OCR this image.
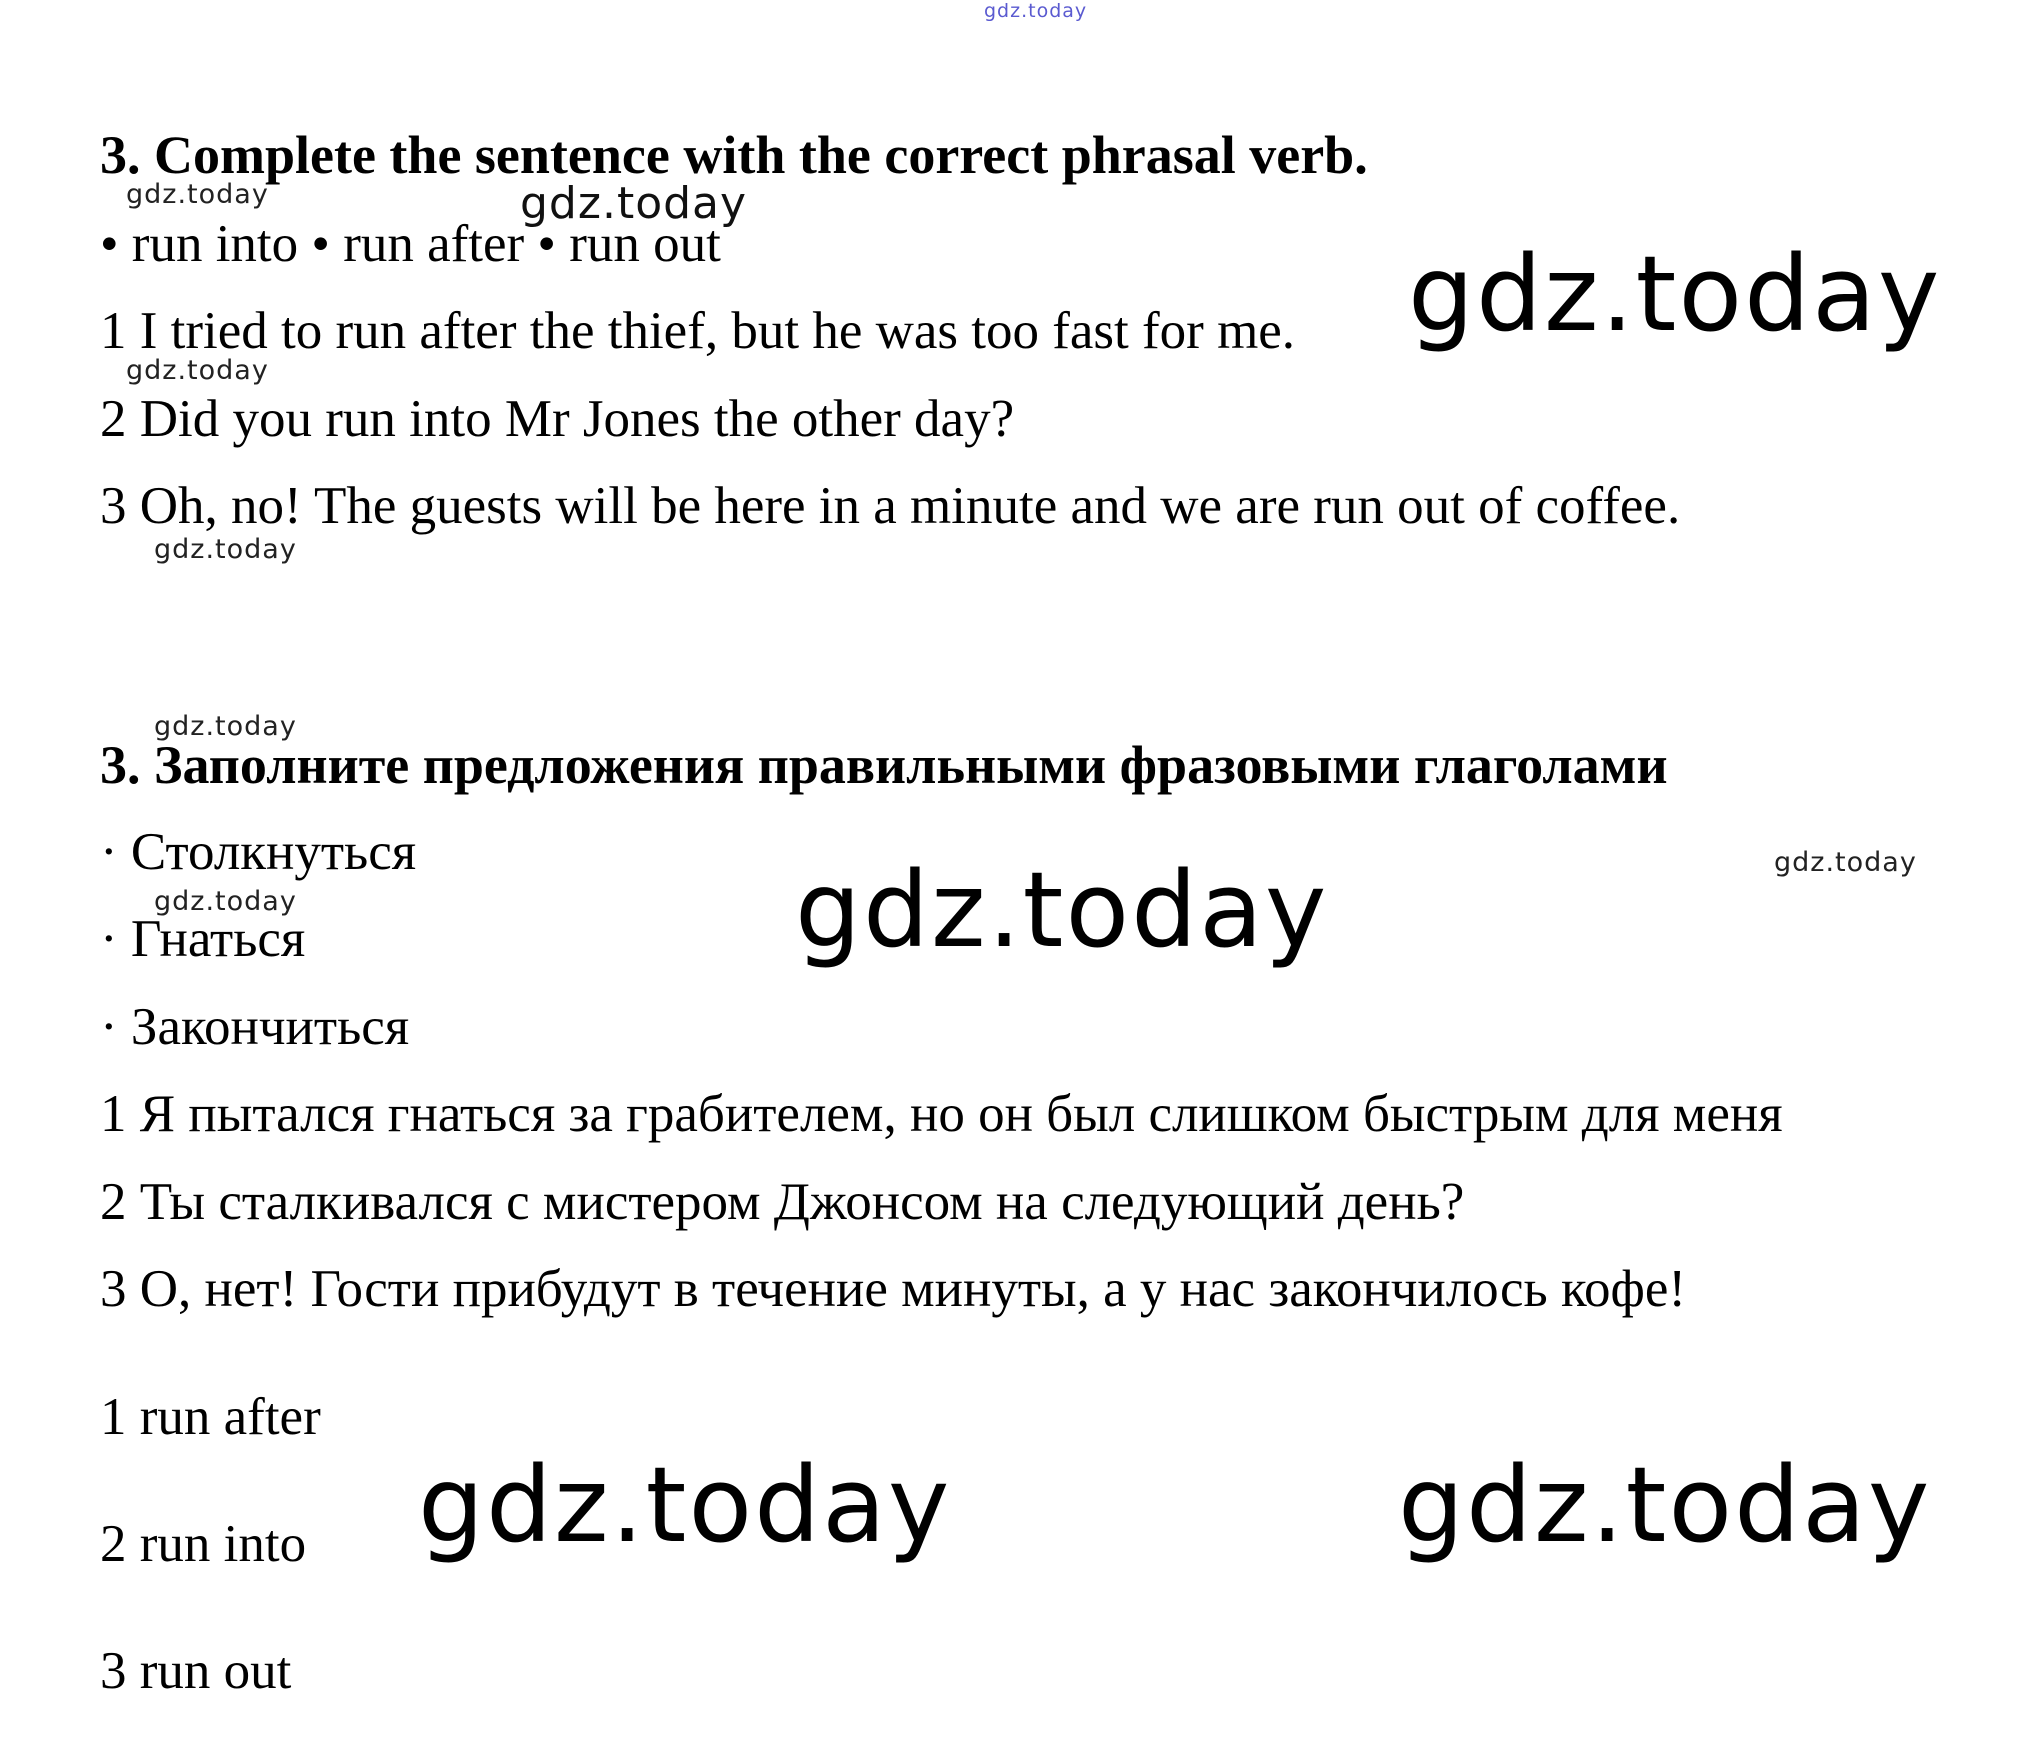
gdz.today
gdz.today	gdz.today
gdz.today
gdz.today
gdz.today
gdz.today
gdz.today
gdz.today
gdz.today
gdz.today	gdz.today
3. Complete the sentence with the correct phrasal verb.
• run into • run after • run out
1 I tried to run after the thief, but he was too fast for me.
2 Did you run into Mr Jones the other day?
3 Oh, no! The guests will be here in a minute and we are run out of coffee.
3. Заполните предложения правильными фразовыми глаголами
· Столкнуться
· Гнаться
· Закончиться
1 Я пытался гнаться за грабителем, но он был слишком быстрым для меня
2 Ты сталкивался с мистером Джонсом на следующий день?
3 О, нет! Гости прибудут в течение минуты, а у нас закончилось кофе!
1 run after
2 run into
3 run out
